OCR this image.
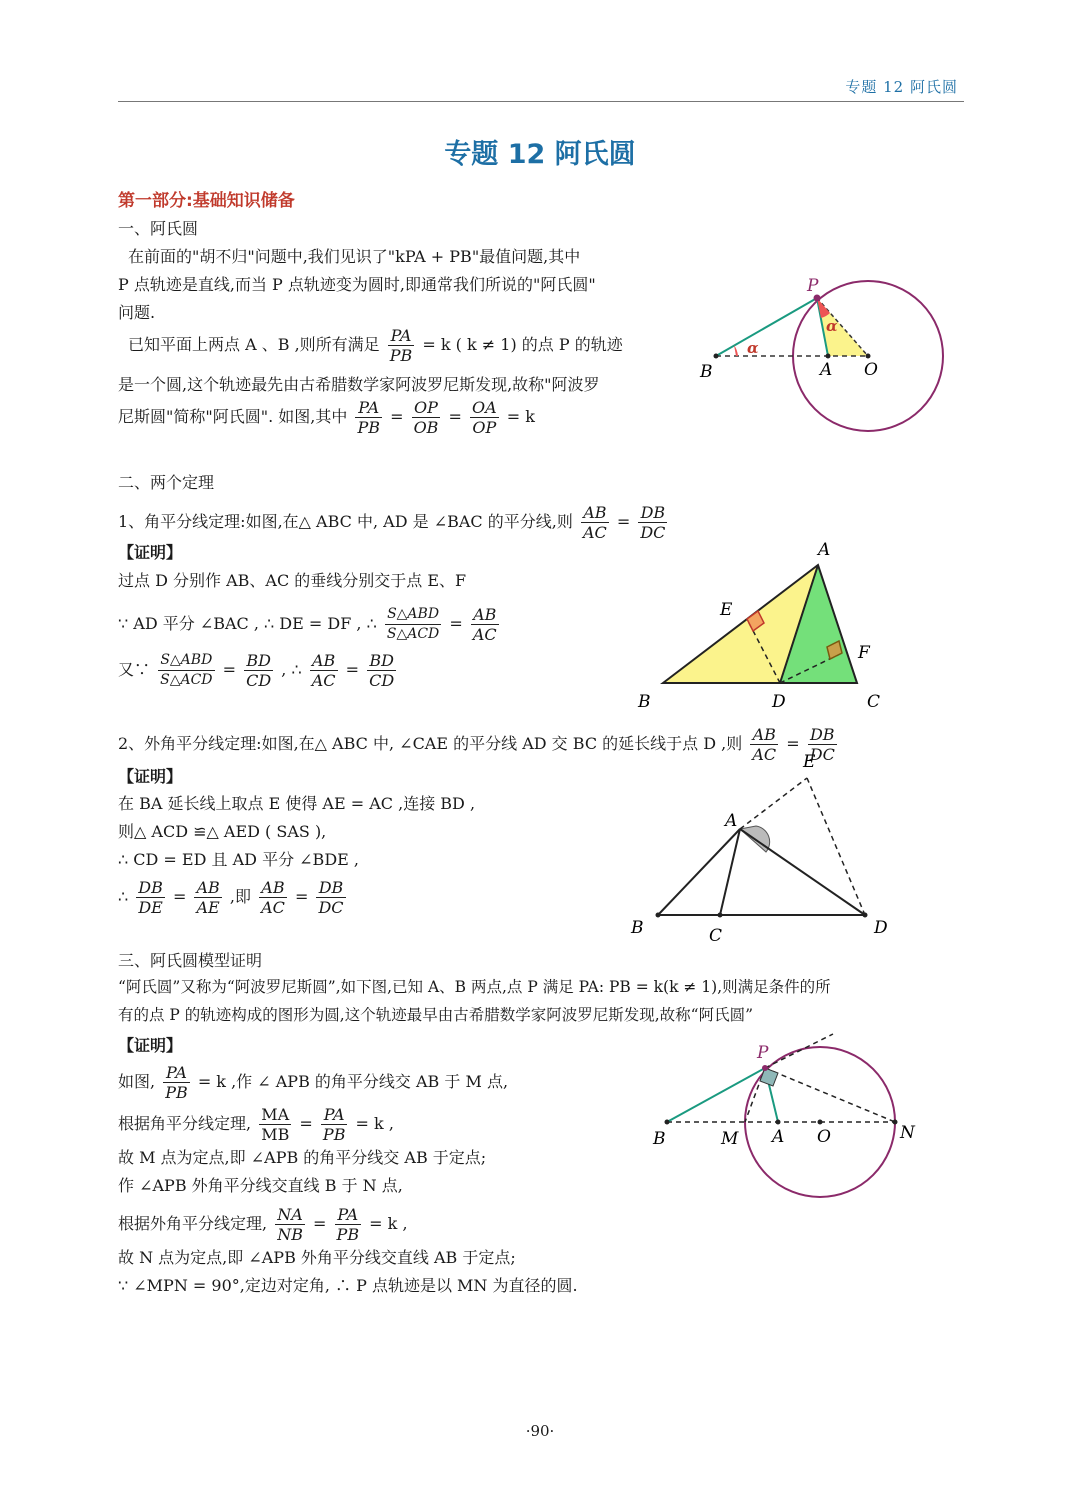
专题 12 阿氏圆
专题 12 阿氏圆
第一部分:基础知识储备
一、阿氏圆
在前面的"胡不归"问题中,我们见识了"kPA + PB"最值问题,其中
P 点轨迹是直线,而当 P 点轨迹变为圆时,即通常我们所说的"阿氏圆"
问题.
已知平面上两点 A 、B ,则所有满足 $\frac{PA}{PB} = k$ ( k ≠ 1) 的点 P 的轨迹
是一个圆,这个轨迹最先由古希腊数学家阿波罗尼斯发现,故称"阿波罗
尼斯圆"简称"阿氏圆". 如图,其中 $\frac{PA}{PB} = \frac{OP}{OB} = \frac{OA}{OP} = k$
P
B	A O
α
α
二、两个定理
1、角平分线定理:如图,在△ ABC 中, AD 是 ∠BAC 的平分线,则 $\frac{AB}{AC} = \frac{DB}{DC}$
【证明】
过点 D 分别作 AB、AC 的垂线分别交于点 E、F
∵ AD 平分 ∠BAC , ∴ DE = DF , ∴ $\frac{\text{S△ABD}}{\text{S△ACD}} = \frac{AB}{AC}$
又∵ $\frac{\text{S△ABD}}{\text{S△ACD}} = \frac{BD}{CD}$ , ∴ $\frac{AB}{AC} = \frac{BD}{CD}$
A
E
F
B	D	C
2、外角平分线定理:如图,在△ ABC 中, ∠CAE 的平分线 AD 交 BC 的延长线于点 D ,则 $\frac{AB}{AC} = \frac{DB}{DC}$
【证明】
在 BA 延长线上取点 E 使得 AE = AC ,连接 BD ,
则△ ACD ≌△ AED ( SAS ),
∴ CD = ED 且 AD 平分 ∠BDE ,
∴ $\frac{DB}{DE} = \frac{AB}{AE}$ ,即 $\frac{AB}{AC} = \frac{DB}{DC}$
E
A
B	C	D
三、阿氏圆模型证明
“阿氏圆”又称为“阿波罗尼斯圆”,如下图,已知 A、B 两点,点 P 满足 PA: PB = k(k ≠ 1),则满足条件的所
有的点 P 的轨迹构成的图形为圆,这个轨迹最早由古希腊数学家阿波罗尼斯发现,故称“阿氏圆”
【证明】
如图, $\frac{PA}{PB} = k$ ,作 ∠ APB 的角平分线交 AB 于 M 点,
根据角平分线定理, $\frac{MA}{MB} = \frac{PA}{PB} = k$ ,
故 M 点为定点,即 ∠APB 的角平分线交 AB 于定点;
作 ∠APB 外角平分线交直线 B 于 N 点,
根据外角平分线定理, $\frac{NA}{NB} = \frac{PA}{PB} = k$ ,
故 N 点为定点,即 ∠APB 外角平分线交直线 AB 于定点;
∵ ∠MPN = 90°,定边对定角, ∴ P 点轨迹是以 MN 为直径的圆.
P
B	M A O	N
·90·
